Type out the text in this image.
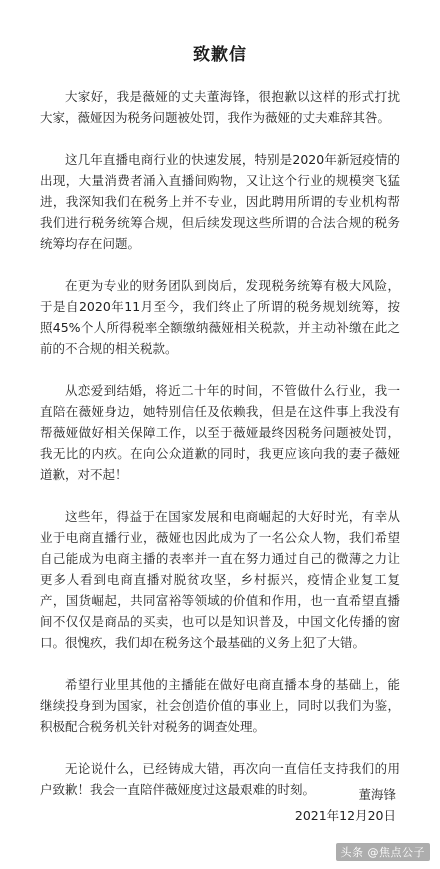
致歉信

大家好，我是薇娅的丈夫董海锋，很抱歉以这样的形式打扰大家，薇娅因为税务问题被处罚，我作为薇娅的丈夫难辞其咎。

这几年直播电商行业的快速发展，特别是2020年新冠疫情的出现，大量消费者涌入直播间购物，又让这个行业的规模突飞猛进，我深知我们在税务上并不专业，因此聘用所谓的专业机构帮我们进行税务统筹合规，但后续发现这些所谓的合法合规的税务统筹均存在问题。

在更为专业的财务团队到岗后，发现税务统筹有极大风险，于是自2020年11月至今，我们终止了所谓的税务规划统筹，按照45%个人所得税率全额缴纳薇娅相关税款，并主动补缴在此之前的不合规的相关税款。

从恋爱到结婚，将近二十年的时间，不管做什么行业，我一直陪在薇娅身边，她特别信任及依赖我，但是在这件事上我没有帮薇娅做好相关保障工作，以至于薇娅最终因税务问题被处罚，我无比的内疚。在向公众道歉的同时，我更应该向我的妻子薇娅道歉，对不起！

这些年，得益于在国家发展和电商崛起的大好时光，有幸从业于电商直播行业，薇娅也因此成为了一名公众人物，我们希望自己能成为电商主播的表率并一直在努力通过自己的微薄之力让更多人看到电商直播对脱贫攻坚，乡村振兴，疫情企业复工复产，国货崛起，共同富裕等领域的价值和作用，也一直希望直播间不仅仅是商品的买卖，也可以是知识普及，中国文化传播的窗口。很愧疚，我们却在税务这个最基础的义务上犯了大错。

希望行业里其他的主播能在做好电商直播本身的基础上，能继续投身到为国家，社会创造价值的事业上，同时以我们为鉴，积极配合税务机关针对税务的调查处理。

无论说什么，已经铸成大错，再次向一直信任支持我们的用户致歉！我会一直陪伴薇娅度过这最艰难的时刻。	董海锋
2021年12月20日
头条 @焦点公子
